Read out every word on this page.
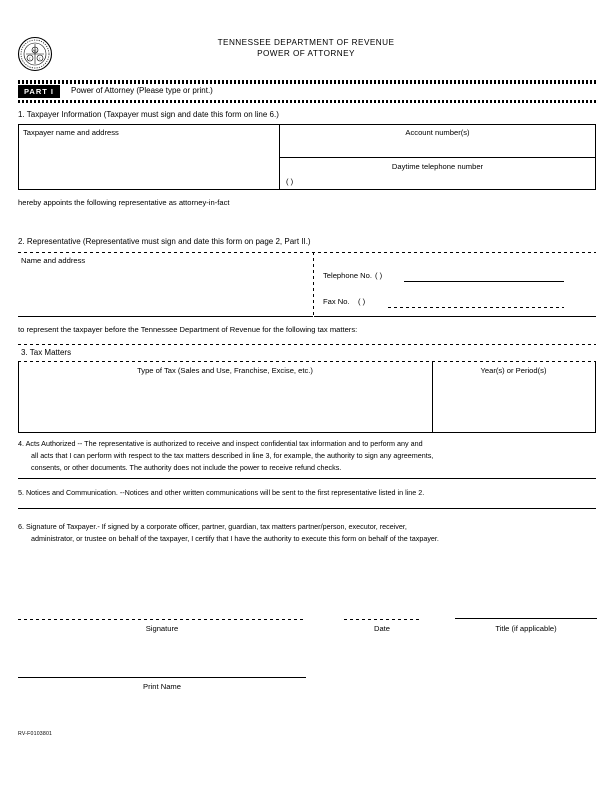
AG
C	C
TENNESSEE DEPARTMENT OF REVENUE
POWER OF ATTORNEY
PART I	Power of Attorney (Please type or print.)
1. Taxpayer Information (Taxpayer must sign and date this form on line 6.)
Taxpayer name and address	Account number(s)
Daytime telephone number
( )
hereby appoints the following representative as attorney-in-fact
2. Representative (Representative must sign and date this form on page 2, Part II.)
Name and address
Telephone No. ( )
Fax No. ( )
to represent the taxpayer before the Tennessee Department of Revenue for the following tax matters:
3. Tax Matters
Type of Tax (Sales and Use, Franchise, Excise, etc.)	Year(s) or Period(s)
4. Acts Authorized -- The representative is authorized to receive and inspect confidential tax information and to perform any and
all acts that I can perform with respect to the tax matters described in line 3, for example, the authority to sign any agreements,
consents, or other documents. The authority does not include the power to receive refund checks.
5. Notices and Communication. --Notices and other written communications will be sent to the first representative listed in line 2.
6. Signature of Taxpayer.- If signed by a corporate officer, partner, guardian, tax matters partner/person, executor, receiver,
administrator, or trustee on behalf of the taxpayer, I certify that I have the authority to execute this form on behalf of the taxpayer.
Signature	Date	Title (if applicable)
Print Name
RV-F0103801
